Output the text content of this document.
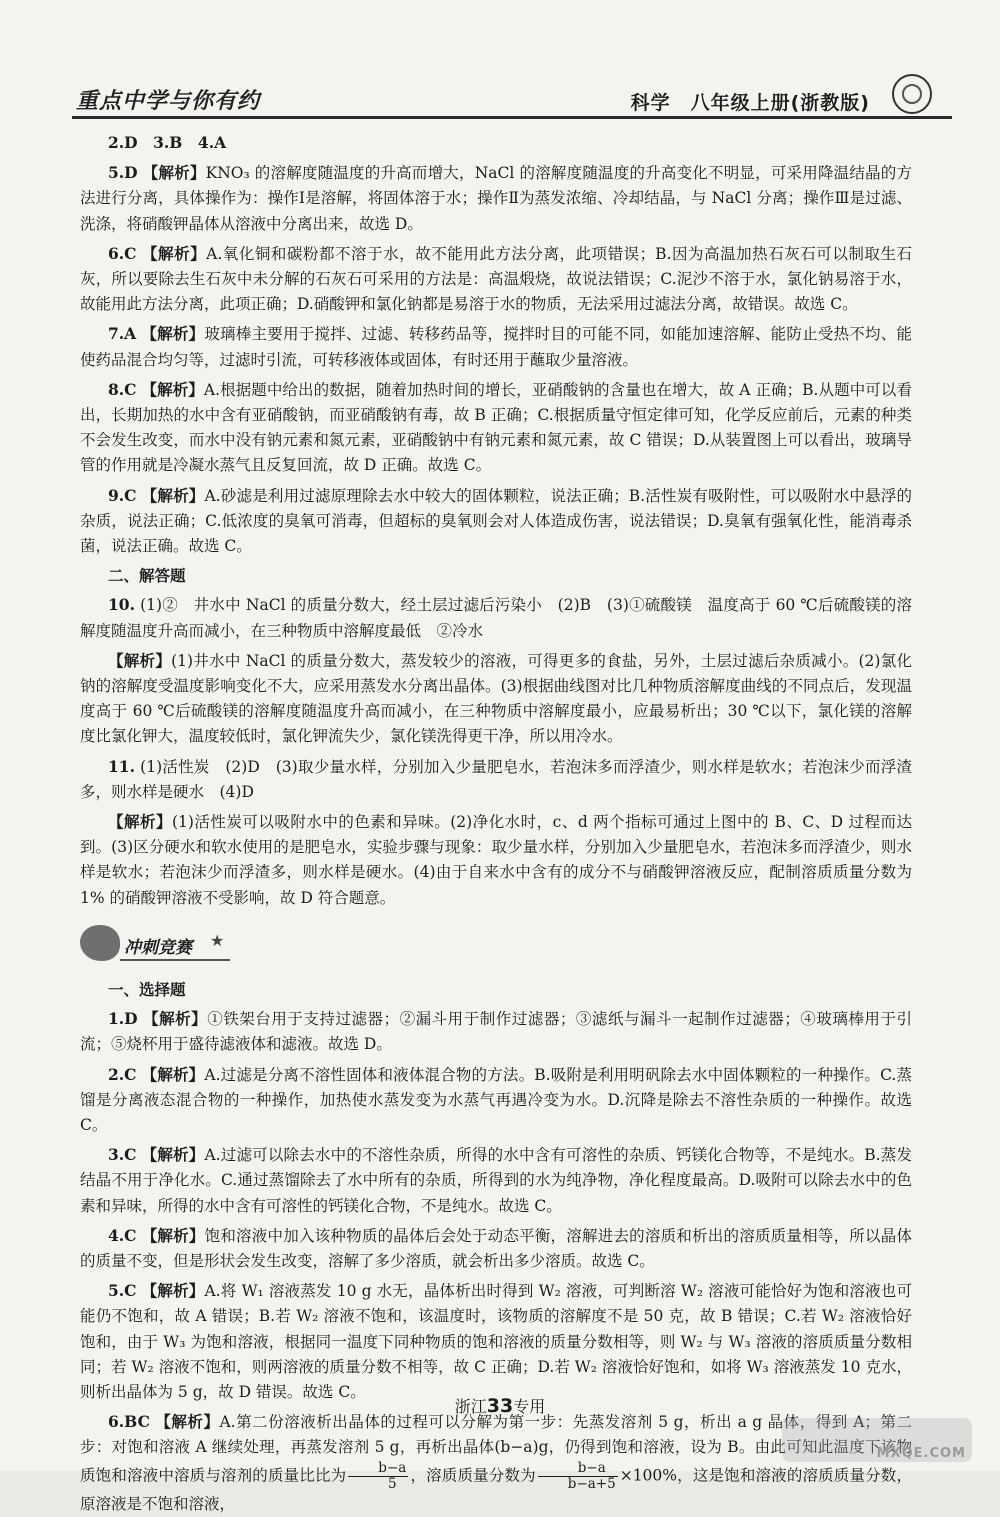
重点中学与你有约	科学　八年级上册(浙教版)

2.D　3.B　4.A

5.D 【解析】KNO₃ 的溶解度随温度的升高而增大，NaCl 的溶解度随温度的升高变化不明显，可采用降温结晶的方法进行分离，具体操作为：操作Ⅰ是溶解，将固体溶于水；操作Ⅱ为蒸发浓缩、冷却结晶，与 NaCl 分离；操作Ⅲ是过滤、洗涤，将硝酸钾晶体从溶液中分离出来，故选 D。

6.C 【解析】A.氧化铜和碳粉都不溶于水，故不能用此方法分离，此项错误；B.因为高温加热石灰石可以制取生石灰，所以要除去生石灰中未分解的石灰石可采用的方法是：高温煅烧，故说法错误；C.泥沙不溶于水，氯化钠易溶于水，故能用此方法分离，此项正确；D.硝酸钾和氯化钠都是易溶于水的物质，无法采用过滤法分离，故错误。故选 C。

7.A 【解析】玻璃棒主要用于搅拌、过滤、转移药品等，搅拌时目的可能不同，如能加速溶解、能防止受热不均、能使药品混合均匀等，过滤时引流，可转移液体或固体，有时还用于蘸取少量溶液。

8.C 【解析】A.根据题中给出的数据，随着加热时间的增长，亚硝酸钠的含量也在增大，故 A 正确；B.从题中可以看出，长期加热的水中含有亚硝酸钠，而亚硝酸钠有毒，故 B 正确；C.根据质量守恒定律可知，化学反应前后，元素的种类不会发生改变，而水中没有钠元素和氮元素，亚硝酸钠中有钠元素和氮元素，故 C 错误；D.从装置图上可以看出，玻璃导管的作用就是冷凝水蒸气且反复回流，故 D 正确。故选 C。

9.C 【解析】A.砂滤是利用过滤原理除去水中较大的固体颗粒，说法正确；B.活性炭有吸附性，可以吸附水中悬浮的杂质，说法正确；C.低浓度的臭氧可消毒，但超标的臭氧则会对人体造成伤害，说法错误；D.臭氧有强氧化性，能消毒杀菌，说法正确。故选 C。

二、解答题

10. (1)②　井水中 NaCl 的质量分数大，经土层过滤后污染小　(2)B　(3)①硫酸镁　温度高于 60 ℃后硫酸镁的溶解度随温度升高而减小，在三种物质中溶解度最低　②冷水

【解析】(1)井水中 NaCl 的质量分数大，蒸发较少的溶液，可得更多的食盐，另外，土层过滤后杂质减小。(2)氯化钠的溶解度受温度影响变化不大，应采用蒸发水分离出晶体。(3)根据曲线图对比几种物质溶解度曲线的不同点后，发现温度高于 60 ℃后硫酸镁的溶解度随温度升高而减小，在三种物质中溶解度最小，应最易析出；30 ℃以下，氯化镁的溶解度比氯化钾大，温度较低时，氯化钾流失少，氯化镁洗得更干净，所以用冷水。

11. (1)活性炭　(2)D　(3)取少量水样，分别加入少量肥皂水，若泡沫多而浮渣少，则水样是软水；若泡沫少而浮渣多，则水样是硬水　(4)D

【解析】(1)活性炭可以吸附水中的色素和异味。(2)净化水时，c、d 两个指标可通过上图中的 B、C、D 过程而达到。(3)区分硬水和软水使用的是肥皂水，实验步骤与现象：取少量水样，分别加入少量肥皂水，若泡沫多而浮渣少，则水样是软水；若泡沫少而浮渣多，则水样是硬水。(4)由于自来水中含有的成分不与硝酸钾溶液反应，配制溶质质量分数为 1% 的硝酸钾溶液不受影响，故 D 符合题意。

冲刺竞赛 ★

一、选择题

1.D 【解析】①铁架台用于支持过滤器；②漏斗用于制作过滤器；③滤纸与漏斗一起制作过滤器；④玻璃棒用于引流；⑤烧杯用于盛待滤液体和滤液。故选 D。

2.C 【解析】A.过滤是分离不溶性固体和液体混合物的方法。B.吸附是利用明矾除去水中固体颗粒的一种操作。C.蒸馏是分离液态混合物的一种操作，加热使水蒸发变为水蒸气再遇冷变为水。D.沉降是除去不溶性杂质的一种操作。故选 C。

3.C 【解析】A.过滤可以除去水中的不溶性杂质，所得的水中含有可溶性的杂质、钙镁化合物等，不是纯水。B.蒸发结晶不用于净化水。C.通过蒸馏除去了水中所有的杂质，所得到的水为纯净物，净化程度最高。D.吸附可以除去水中的色素和异味，所得的水中含有可溶性的钙镁化合物，不是纯水。故选 C。

4.C 【解析】饱和溶液中加入该种物质的晶体后会处于动态平衡，溶解进去的溶质和析出的溶质质量相等，所以晶体的质量不变，但是形状会发生改变，溶解了多少溶质，就会析出多少溶质。故选 C。

5.C 【解析】A.将 W₁ 溶液蒸发 10 g 水无，晶体析出时得到 W₂ 溶液，可判断溶 W₂ 溶液可能恰好为饱和溶液也可能仍不饱和，故 A 错误；B.若 W₂ 溶液不饱和，该温度时，该物质的溶解度不是 50 克，故 B 错误；C.若 W₂ 溶液恰好饱和，由于 W₃ 为饱和溶液，根据同一温度下同种物质的饱和溶液的质量分数相等，则 W₂ 与 W₃ 溶液的溶质质量分数相同；若 W₂ 溶液不饱和，则两溶液的质量分数不相等，故 C 正确；D.若 W₂ 溶液恰好饱和，如将 W₃ 溶液蒸发 10 克水，则析出晶体为 5 g，故 D 错误。故选 C。

6.BC 【解析】A.第二份溶液析出晶体的过程可以分解为第一步：先蒸发溶剂 5 g，析出 a g 晶体，得到 A；第二步：对饱和溶液 A 继续处理，再蒸发溶剂 5 g，再析出晶体(b−a)g，仍得到饱和溶液，设为 B。由此可知此温度下该物质饱和溶液中溶质与溶剂的质量比比为 $\frac{b-a}{5}$ ，溶质质量分数为 $\frac{b-a}{b-a+5} \times 100\%$，这是饱和溶液的溶质质量分数，原溶液是不饱和溶液，

浙江33专用
MXQE.COM
